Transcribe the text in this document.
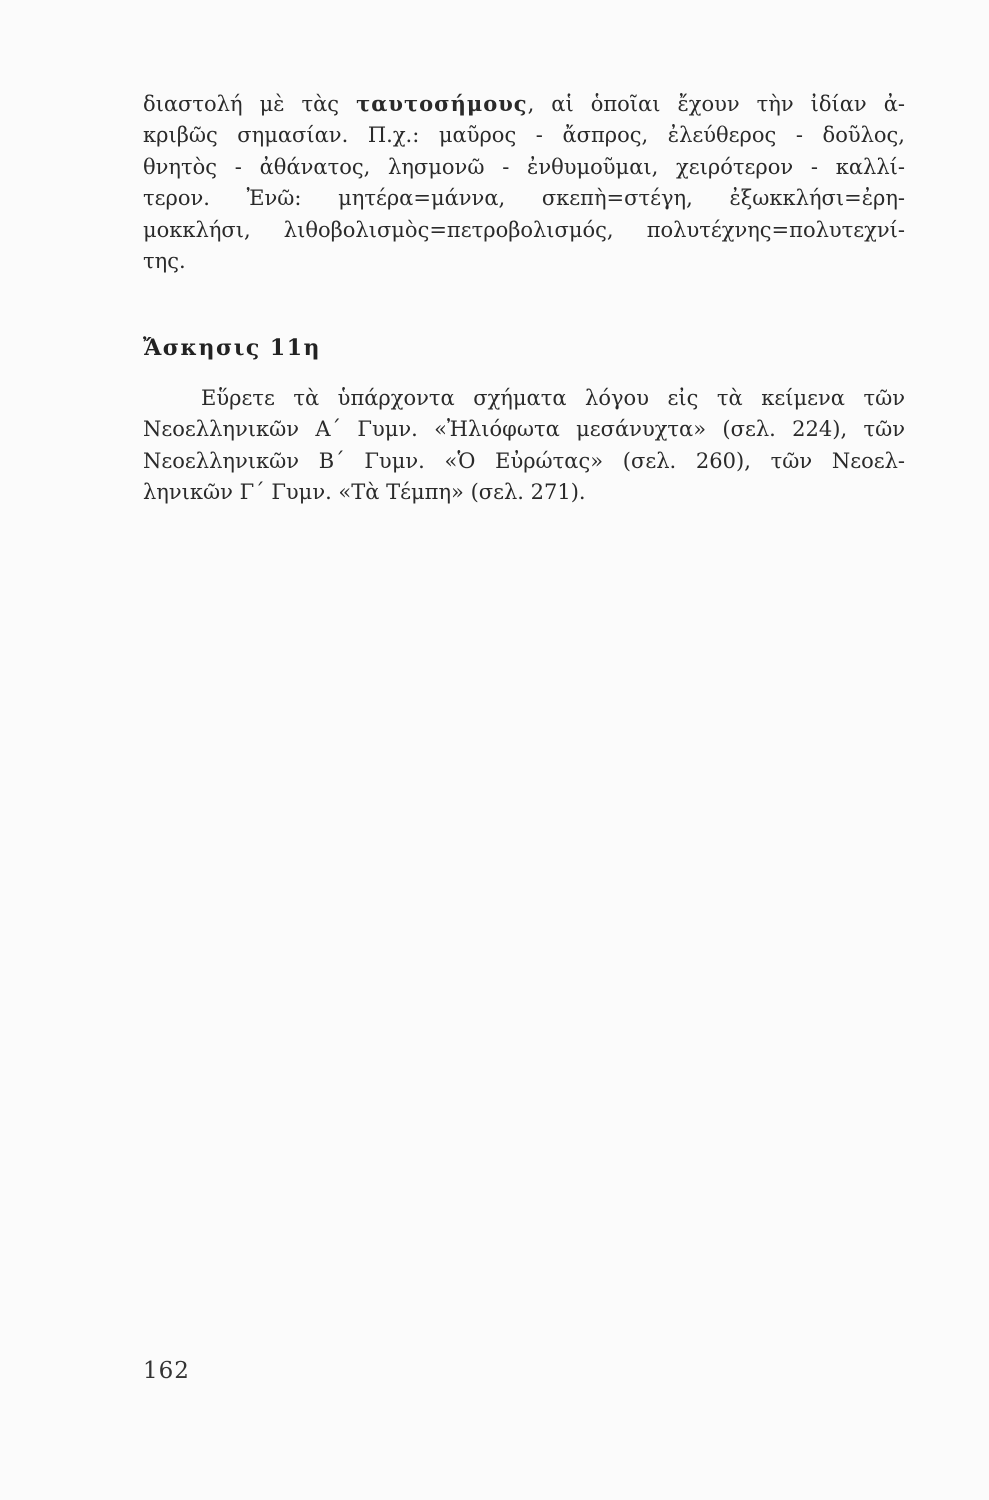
διαστολή μὲ τὰς ταυτοσήμους, αἱ ὁποῖαι ἔχουν τὴν ἰδίαν ἀ-
κριβῶς σημασίαν. Π.χ.: μαῦρος - ἄσπρος, ἐλεύθερος - δοῦλος,
θνητὸς - ἀθάνατος, λησμονῶ - ἐνθυμοῦμαι, χειρότερον - καλλί-
τερον. Ἐνῶ: μητέρα=μάννα, σκεπὴ=στέγη, ἐξωκκλήσι=ἐρη-
μοκκλήσι, λιθοβολισμὸς=πετροβολισμός, πολυτέχνης=πολυτεχνί-
της.
Ἄσκησις 11η
Εὕρετε τὰ ὑπάρχοντα σχήματα λόγου εἰς τὰ κείμενα τῶν
Νεοελληνικῶν Α΄ Γυμν. «Ἠλιόφωτα μεσάνυχτα» (σελ. 224), τῶν
Νεοελληνικῶν Β΄ Γυμν. «Ὁ Εὐρώτας» (σελ. 260), τῶν Νεοελ-
ληνικῶν Γ΄ Γυμν. «Τὰ Τέμπη» (σελ. 271).
162
